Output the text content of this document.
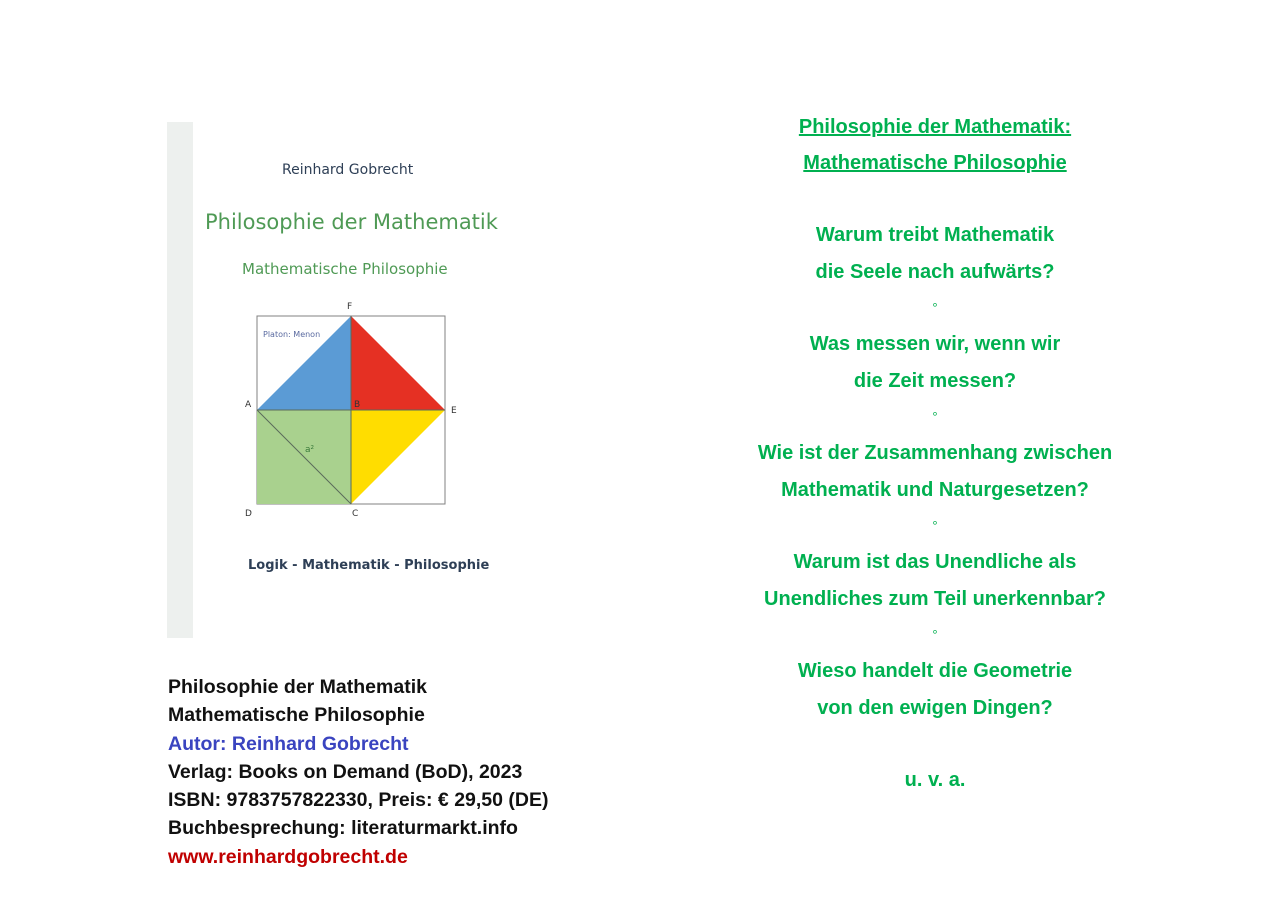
Reinhard Gobrecht
Philosophie der Mathematik
Mathematische Philosophie
Platon: Menon
F
A	B
E
D	C
a²
Logik - Mathematik - Philosophie
Philosophie der Mathematik
Mathematische Philosophie
Autor: Reinhard Gobrecht
Verlag: Books on Demand (BoD), 2023
ISBN: 9783757822330, Preis: € 29,50 (DE)
Buchbesprechung: literaturmarkt.info
www.reinhardgobrecht.de
Philosophie der Mathematik:
Mathematische Philosophie
Warum treibt Mathematik
die Seele nach aufwärts?
°
Was messen wir, wenn wir
die Zeit messen?
°
Wie ist der Zusammenhang zwischen
Mathematik und Naturgesetzen?
°
Warum ist das Unendliche als
Unendliches zum Teil unerkennbar?
°
Wieso handelt die Geometrie
von den ewigen Dingen?
u. v. a.
